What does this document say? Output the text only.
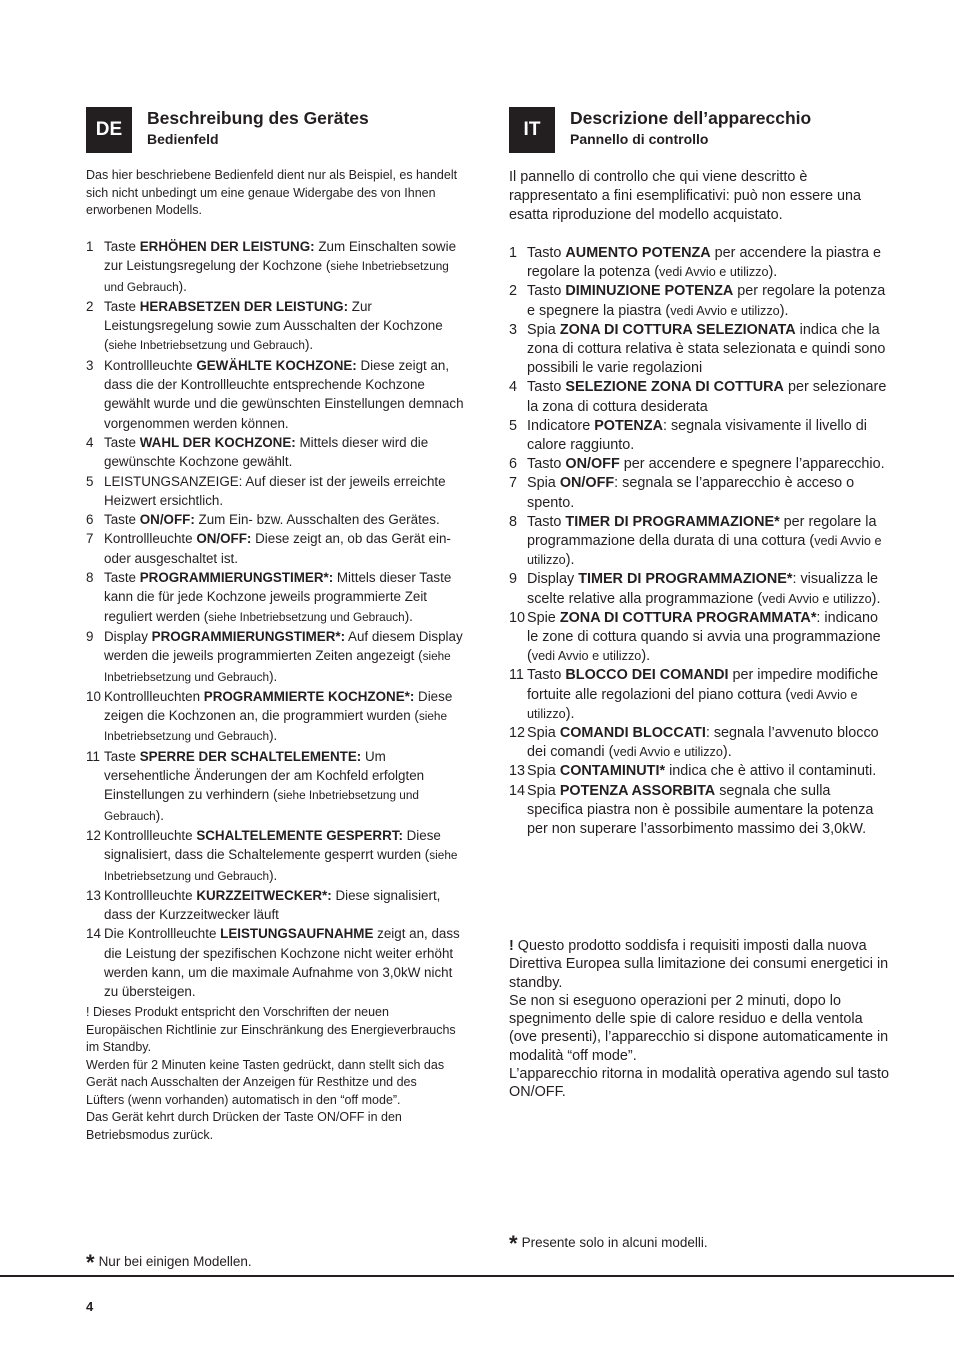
DE
Beschreibung des Gerätes
Bedienfeld
Das hier beschriebene Bedienfeld dient nur als Beispiel, es handelt sich nicht unbedingt um eine genaue Widergabe des von Ihnen erworbenen Modells.
1 Taste ERHÖHEN DER LEISTUNG: Zum Einschalten sowie zur Leistungsregelung der Kochzone (siehe Inbetriebsetzung und Gebrauch).
2 Taste HERABSETZEN DER LEISTUNG: Zur Leistungsregelung sowie zum Ausschalten der Kochzone (siehe Inbetriebsetzung und Gebrauch).
3 Kontrollleuchte GEWÄHLTE KOCHZONE: Diese zeigt an, dass die der Kontrollleuchte entsprechende Kochzone gewählt wurde und die gewünschten Einstellungen demnach vorgenommen werden können.
4 Taste WAHL DER KOCHZONE: Mittels dieser wird die gewünschte Kochzone gewählt.
5 LEISTUNGSANZEIGE: Auf dieser ist der jeweils erreichte Heizwert ersichtlich.
6 Taste ON/OFF: Zum Ein- bzw. Ausschalten des Gerätes.
7 Kontrollleuchte ON/OFF: Diese zeigt an, ob das Gerät ein- oder ausgeschaltet ist.
8 Taste PROGRAMMIERUNGSTIMER*: Mittels dieser Taste kann die für jede Kochzone jeweils programmierte Zeit reguliert werden (siehe Inbetriebsetzung und Gebrauch).
9 Display PROGRAMMIERUNGSTIMER*: Auf diesem Display werden die jeweils programmierten Zeiten angezeigt (siehe Inbetriebsetzung und Gebrauch).
10 Kontrollleuchten PROGRAMMIERTE KOCHZONE*: Diese zeigen die Kochzonen an, die programmiert wurden (siehe Inbetriebsetzung und Gebrauch).
11 Taste SPERRE DER SCHALTELEMENTE: Um versehentliche Änderungen der am Kochfeld erfolgten Einstellungen zu verhindern (siehe Inbetriebsetzung und Gebrauch).
12 Kontrollleuchte SCHALTELEMENTE GESPERRT: Diese signalisiert, dass die Schaltelemente gesperrt wurden (siehe Inbetriebsetzung und Gebrauch).
13 Kontrollleuchte KURZZEITWECKER*: Diese signalisiert, dass der Kurzzeitwecker läuft
14 Die Kontrollleuchte LEISTUNGSAUFNAHME zeigt an, dass die Leistung der spezifischen Kochzone nicht weiter erhöht werden kann, um die maximale Aufnahme von 3,0kW nicht zu übersteigen.

! Dieses Produkt entspricht den Vorschriften der neuen Europäischen Richtlinie zur Einschränkung des Energieverbrauchs im Standby.

Werden für 2 Minuten keine Tasten gedrückt, dann stellt sich das Gerät nach Ausschalten der Anzeigen für Resthitze und des Lüfters (wenn vorhanden) automatisch in den “off mode”.

Das Gerät kehrt durch Drücken der Taste ON/OFF in den Betriebsmodus zurück.

IT
Descrizione dell’apparecchio
Pannello di controllo
Il pannello di controllo che qui viene descritto è rappresentato a fini esemplificativi: può non essere una esatta riproduzione del modello acquistato.
1 Tasto AUMENTO POTENZA per accendere la piastra e regolare la potenza (vedi Avvio e utilizzo).
2 Tasto DIMINUZIONE POTENZA per regolare la potenza e spegnere la piastra (vedi Avvio e utilizzo).
3 Spia ZONA DI COTTURA SELEZIONATA indica che la zona di cottura relativa è stata selezionata e quindi sono possibili le varie regolazioni
4 Tasto SELEZIONE ZONA DI COTTURA per selezionare la zona di cottura desiderata
5 Indicatore POTENZA: segnala visivamente il livello di calore raggiunto.
6 Tasto ON/OFF per accendere e spegnere l’apparecchio.
7 Spia ON/OFF: segnala se l’apparecchio è acceso o spento.
8 Tasto TIMER DI PROGRAMMAZIONE* per regolare la programmazione della durata di una cottura (vedi Avvio e utilizzo).
9 Display TIMER DI PROGRAMMAZIONE*: visualizza le scelte relative alla programmazione (vedi Avvio e utilizzo).
10 Spie ZONA DI COTTURA PROGRAMMATA*: indicano le zone di cottura quando si avvia una programmazione (vedi Avvio e utilizzo).
11 Tasto BLOCCO DEI COMANDI per impedire modifiche fortuite alle regolazioni del piano cottura (vedi Avvio e utilizzo).
12 Spia COMANDI BLOCCATI: segnala l’avvenuto blocco dei comandi (vedi Avvio e utilizzo).
13 Spia CONTAMINUTI* indica che è attivo il contaminuti.
14 Spia POTENZA ASSORBITA segnala che sulla specifica piastra non è possibile aumentare la potenza per non superare l’assorbimento massimo dei 3,0kW.

! Questo prodotto soddisfa i requisiti imposti dalla nuova Direttiva Europea sulla limitazione dei consumi energetici in standby.

Se non si eseguono operazioni per 2 minuti, dopo lo spegnimento delle spie di calore residuo e della ventola (ove presenti), l’apparecchio si dispone automaticamente in modalità “off mode”.

L’apparecchio ritorna in modalità operativa agendo sul tasto ON/OFF.

* Nur bei einigen Modellen.
* Presente solo in alcuni modelli.
4
